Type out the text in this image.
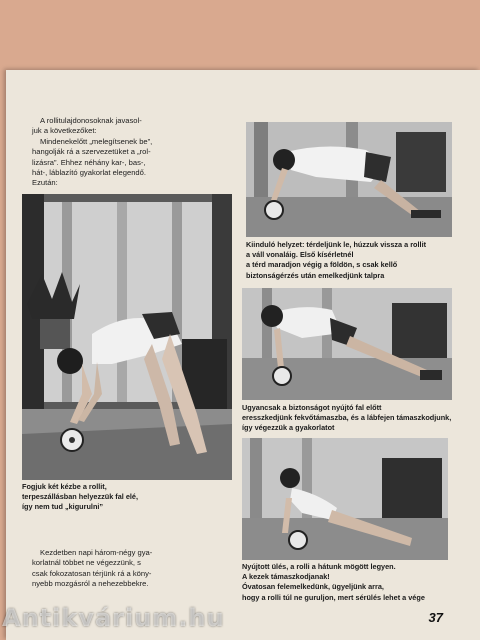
A rollitulajdonosoknak javasol-

juk a következőket:

Mindenekelőtt „melegítsenek be”,

hangolják rá a szervezetüket a „rol-

lizásra”. Ehhez néhány kar-, bas-,

hát-, láblazító gyakorlat elegendő.

Ezután:

Fogjuk két kézbe a rollit,

terpeszállásban helyezzük fal elé,

így nem tud „kigurulni”

Kiinduló helyzet: térdeljünk le, húzzuk vissza a rollit

a váll vonaláig. Első kísérletnél

a térd maradjon végig a földön, s csak kellő

biztonságérzés után emelkedjünk talpra

Ugyancsak a biztonságot nyújtó fal előtt

eresszkedjünk fekvőtámaszba, és a lábfejen támaszkodjunk,

így végezzük a gyakorlatot

Nyújtott ülés, a rolli a hátunk mögött legyen.

A kezek támaszkodjanak!

Óvatosan felemelkedünk, ügyeljünk arra,

hogy a rolli túl ne guruljon, mert sérülés lehet a vége

Kezdetben napi három-négy gya-

korlatnál többet ne végezzünk, s

csak fokozatosan térjünk rá a köny-

nyebb mozgásról a nehezebbekre.

37
Antikvárium.hu
